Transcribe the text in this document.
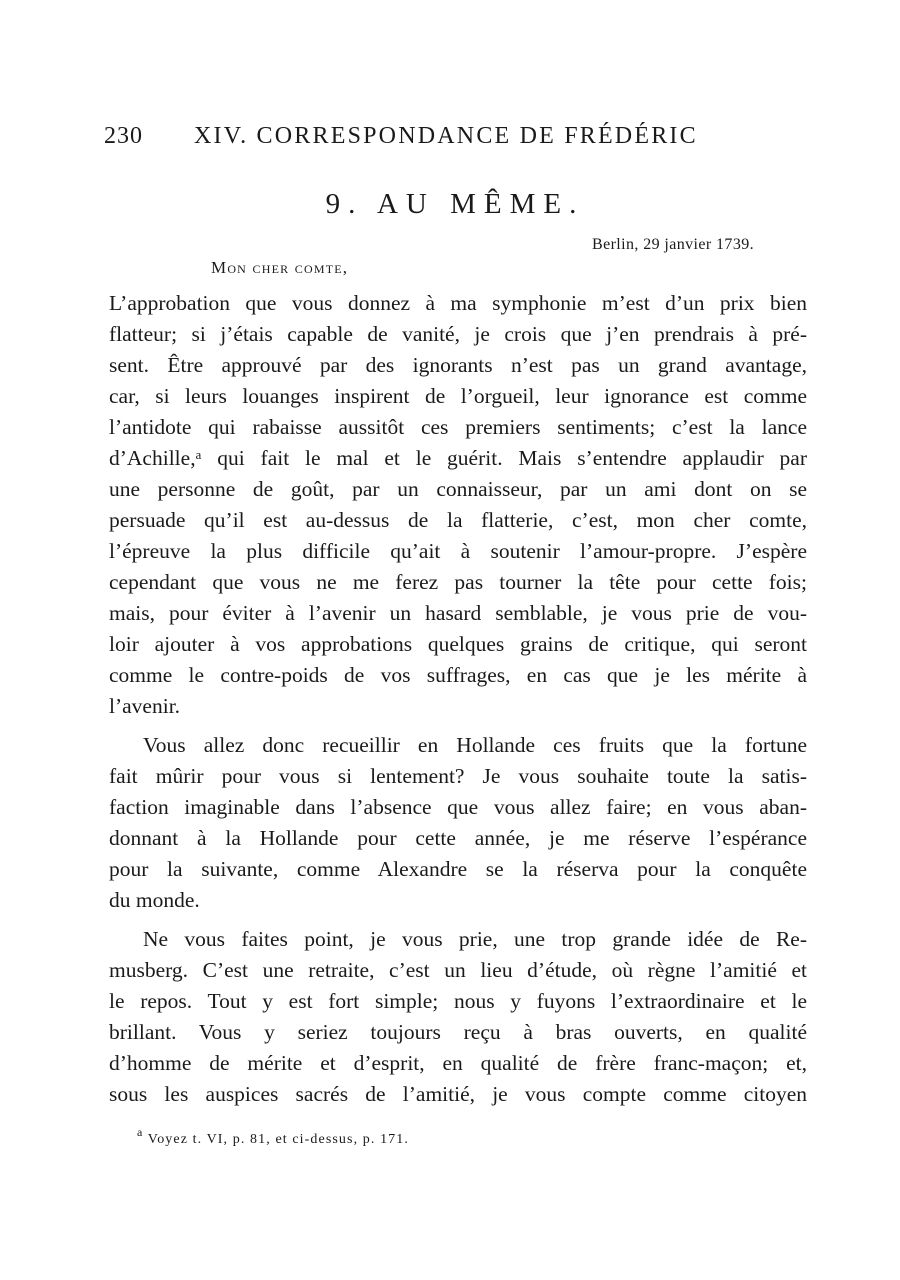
230 XIV. CORRESPONDANCE DE FRÉDÉRIC
9. AU MÊME.
Berlin, 29 janvier 1739.
Mon cher comte,
L’approbation que vous donnez à ma symphonie m’est d’un prix bien
flatteur; si j’étais capable de vanité, je crois que j’en prendrais à pré-
sent. Être approuvé par des ignorants n’est pas un grand avantage,
car, si leurs louanges inspirent de l’orgueil, leur ignorance est comme
l’antidote qui rabaisse aussitôt ces premiers sentiments; c’est la lance
d’Achille,ᵃ qui fait le mal et le guérit. Mais s’entendre applaudir par
une personne de goût, par un connaisseur, par un ami dont on se
persuade qu’il est au-dessus de la flatterie, c’est, mon cher comte,
l’épreuve la plus difficile qu’ait à soutenir l’amour-propre. J’espère
cependant que vous ne me ferez pas tourner la tête pour cette fois;
mais, pour éviter à l’avenir un hasard semblable, je vous prie de vou-
loir ajouter à vos approbations quelques grains de critique, qui seront
comme le contre-poids de vos suffrages, en cas que je les mérite à
l’avenir.
Vous allez donc recueillir en Hollande ces fruits que la fortune
fait mûrir pour vous si lentement? Je vous souhaite toute la satis-
faction imaginable dans l’absence que vous allez faire; en vous aban-
donnant à la Hollande pour cette année, je me réserve l’espérance
pour la suivante, comme Alexandre se la réserva pour la conquête
du monde.
Ne vous faites point, je vous prie, une trop grande idée de Re-
musberg. C’est une retraite, c’est un lieu d’étude, où règne l’amitié et
le repos. Tout y est fort simple; nous y fuyons l’extraordinaire et le
brillant. Vous y seriez toujours reçu à bras ouverts, en qualité
d’homme de mérite et d’esprit, en qualité de frère franc-maçon; et,
sous les auspices sacrés de l’amitié, je vous compte comme citoyen
$^a$ Voyez t. VI, p. 81, et ci-dessus, p. 171.
